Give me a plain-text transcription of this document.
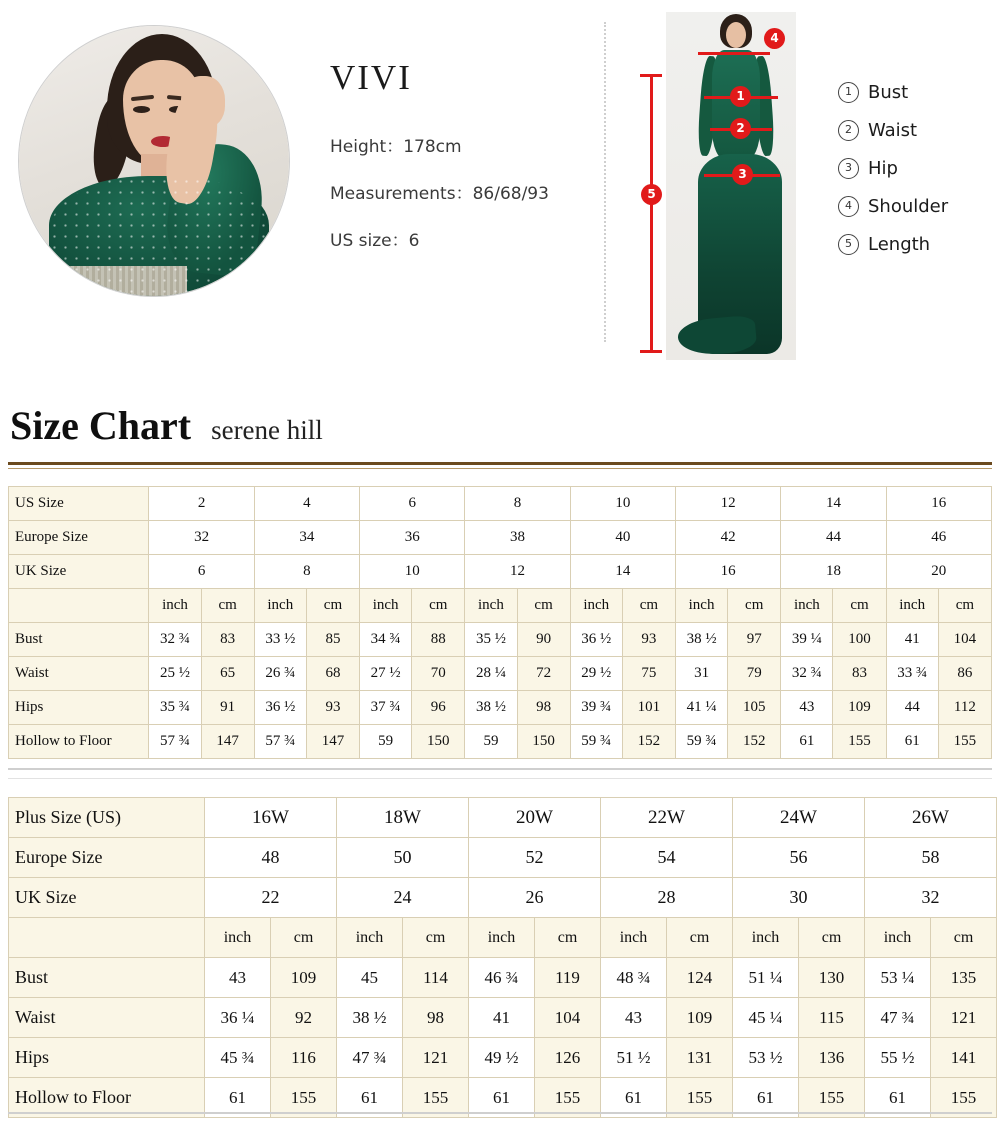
VIVI
Height：178cm
Measurements：86/68/93
US size：6
4
1
2
3
5
1 Bust
2 Waist
3 Hip
4 Shoulder
5 Length
Size Chart serene hill
US Size	2		4		6		8		10		12		14		16	
Europe Size	32		34		36		38		40		42		44		46	
UK Size	6		8		10		12		14		16		18		20	
	inch	cm	inch	cm	inch	cm	inch	cm	inch	cm	inch	cm	inch	cm	inch	cm
Bust	32 ¾	83	33 ½	85	34 ¾	88	35 ½	90	36 ½	93	38 ½	97	39 ¼	100	41	104
Waist	25 ½	65	26 ¾	68	27 ½	70	28 ¼	72	29 ½	75	31	79	32 ¾	83	33 ¾	86
Hips	35 ¾	91	36 ½	93	37 ¾	96	38 ½	98	39 ¾	101	41 ¼	105	43	109	44	112
Hollow to Floor	57 ¾	147	57 ¾	147	59	150	59	150	59 ¾	152	59 ¾	152	61	155	61	155
Plus Size (US)	16W		18W		20W		22W		24W		26W	
Europe Size	48		50		52		54		56		58	
UK Size	22		24		26		28		30		32	
	inch	cm	inch	cm	inch	cm	inch	cm	inch	cm	inch	cm
Bust	43	109	45	114	46 ¾	119	48 ¾	124	51 ¼	130	53 ¼	135
Waist	36 ¼	92	38 ½	98	41	104	43	109	45 ¼	115	47 ¾	121
Hips	45 ¾	116	47 ¾	121	49 ½	126	51 ½	131	53 ½	136	55 ½	141
Hollow to Floor	61	155	61	155	61	155	61	155	61	155	61	155
